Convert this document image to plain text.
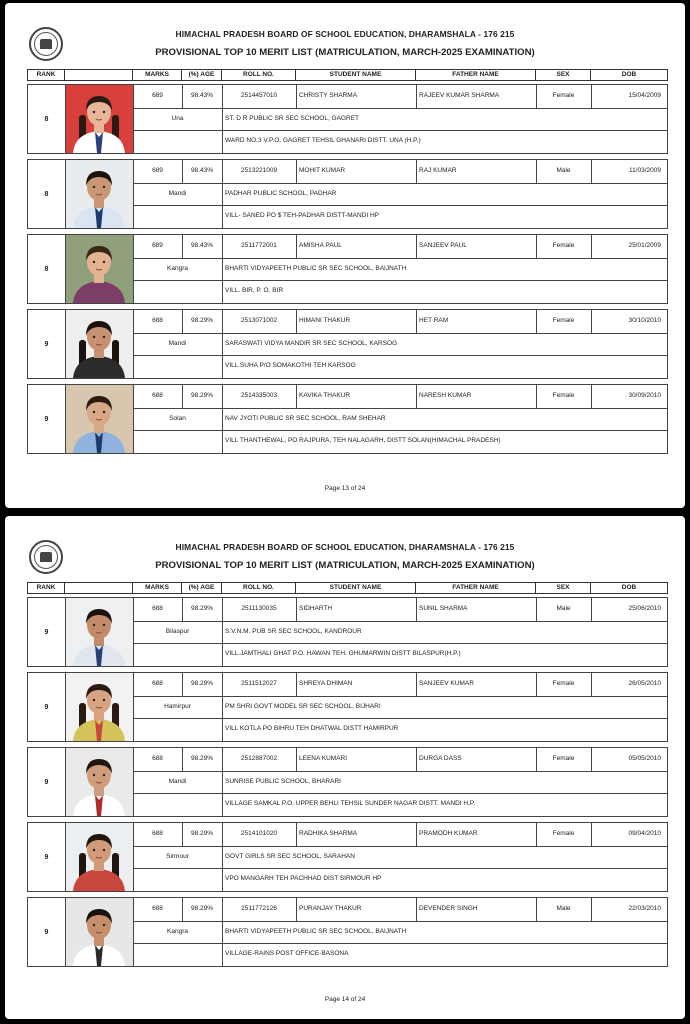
HIMACHAL PRADESH BOARD OF SCHOOL EDUCATION, DHARAMSHALA - 176 215
PROVISIONAL TOP 10 MERIT LIST (MATRICULATION, MARCH-2025 EXAMINATION)
RANK	MARKS	(%) AGE	ROLL NO.	STUDENT NAME	FATHER NAME	SEX	DOB
8
689	98.43%	2514457010	CHRISTY SHARMA	RAJEEV KUMAR SHARMA	Female	15/04/2009
Una	ST. D R PUBLIC SR SEC SCHOOL, GAGRET
WARD NO.3 V.P.O. GAGRET TEHSIL GHANARI DISTT. UNA (H.P.)
8
689	98.43%	2513221009	MOHIT KUMAR	RAJ KUMAR	Male	11/03/2009
Mandi	PADHAR PUBLIC SCHOOL, PADHAR
VILL- SANED PO $ TEH-PADHAR DISTT-MANDI HP
8
689	98.43%	2511772001	AMISHA PAUL	SANJEEV PAUL	Female	25/01/2009
Kangra	BHARTI VIDYAPEETH PUBLIC SR SEC SCHOOL, BAIJNATH
VILL. BIR, P. O. BIR
9
688	98.29%	2513071002	HIMANI THAKUR	HET RAM	Female	30/10/2010
Mandi	SARASWATI VIDYA MANDIR SR SEC SCHOOL, KARSOG
VILL SUHA P/O SOMAKOTHI TEH KARSOG
9
688	98.29%	2514335003	KAVIKA THAKUR	NARESH KUMAR	Female	30/09/2010
Solan	NAV JYOTI PUBLIC SR SEC SCHOOL, RAM SHEHAR
VILL THANTHEWAL, PO RAJPURA, TEH NALAGARH, DISTT SOLAN(HIMACHAL PRADESH)
Page 13 of 24
HIMACHAL PRADESH BOARD OF SCHOOL EDUCATION, DHARAMSHALA - 176 215
PROVISIONAL TOP 10 MERIT LIST (MATRICULATION, MARCH-2025 EXAMINATION)
RANK	MARKS	(%) AGE	ROLL NO.	STUDENT NAME	FATHER NAME	SEX	DOB
9
688	98.29%	2511130035	SIDHARTH	SUNIL SHARMA	Male	25/06/2010
Bilaspur	S.V.N.M. PUB SR SEC SCHOOL, KANDROUR
VILL.JAMTHALI GHAT P.O. HAWAN TEH. GHUMARWIN DISTT BILASPUR(H.P.)
9
688	98.29%	2511512027	SHREYA DHIMAN	SANJEEV KUMAR	Female	26/05/2010
Hamirpur	PM SHRI GOVT MODEL SR SEC SCHOOL, BIJHARI
VILL KOTLA PO BIHRU TEH DHATWAL DISTT HAMIRPUR
9
688	98.29%	2512887002	LEENA KUMARI	DURGA DASS	Female	05/05/2010
Mandi	SUNRISE PUBLIC SCHOOL, BHARARI
VILLAGE SAMKAL P.O. UPPER BEHLI TEHSIL SUNDER NAGAR DISTT. MANDI H.P.
9
688	98.29%	2514101020	RADHIKA SHARMA	PRAMODH KUMAR	Female	09/04/2010
Sirmour	GOVT GIRLS SR SEC SCHOOL, SARAHAN
VPO MANGARH TEH PACHHAD DIST SIRMOUR HP
9
688	98.29%	2511772126	PURANJAY THAKUR	DEVENDER SINGH	Male	22/03/2010
Kangra	BHARTI VIDYAPEETH PUBLIC SR SEC SCHOOL, BAIJNATH
VILLAGE-RAINS POST OFFICE-BASONA
Page 14 of 24
